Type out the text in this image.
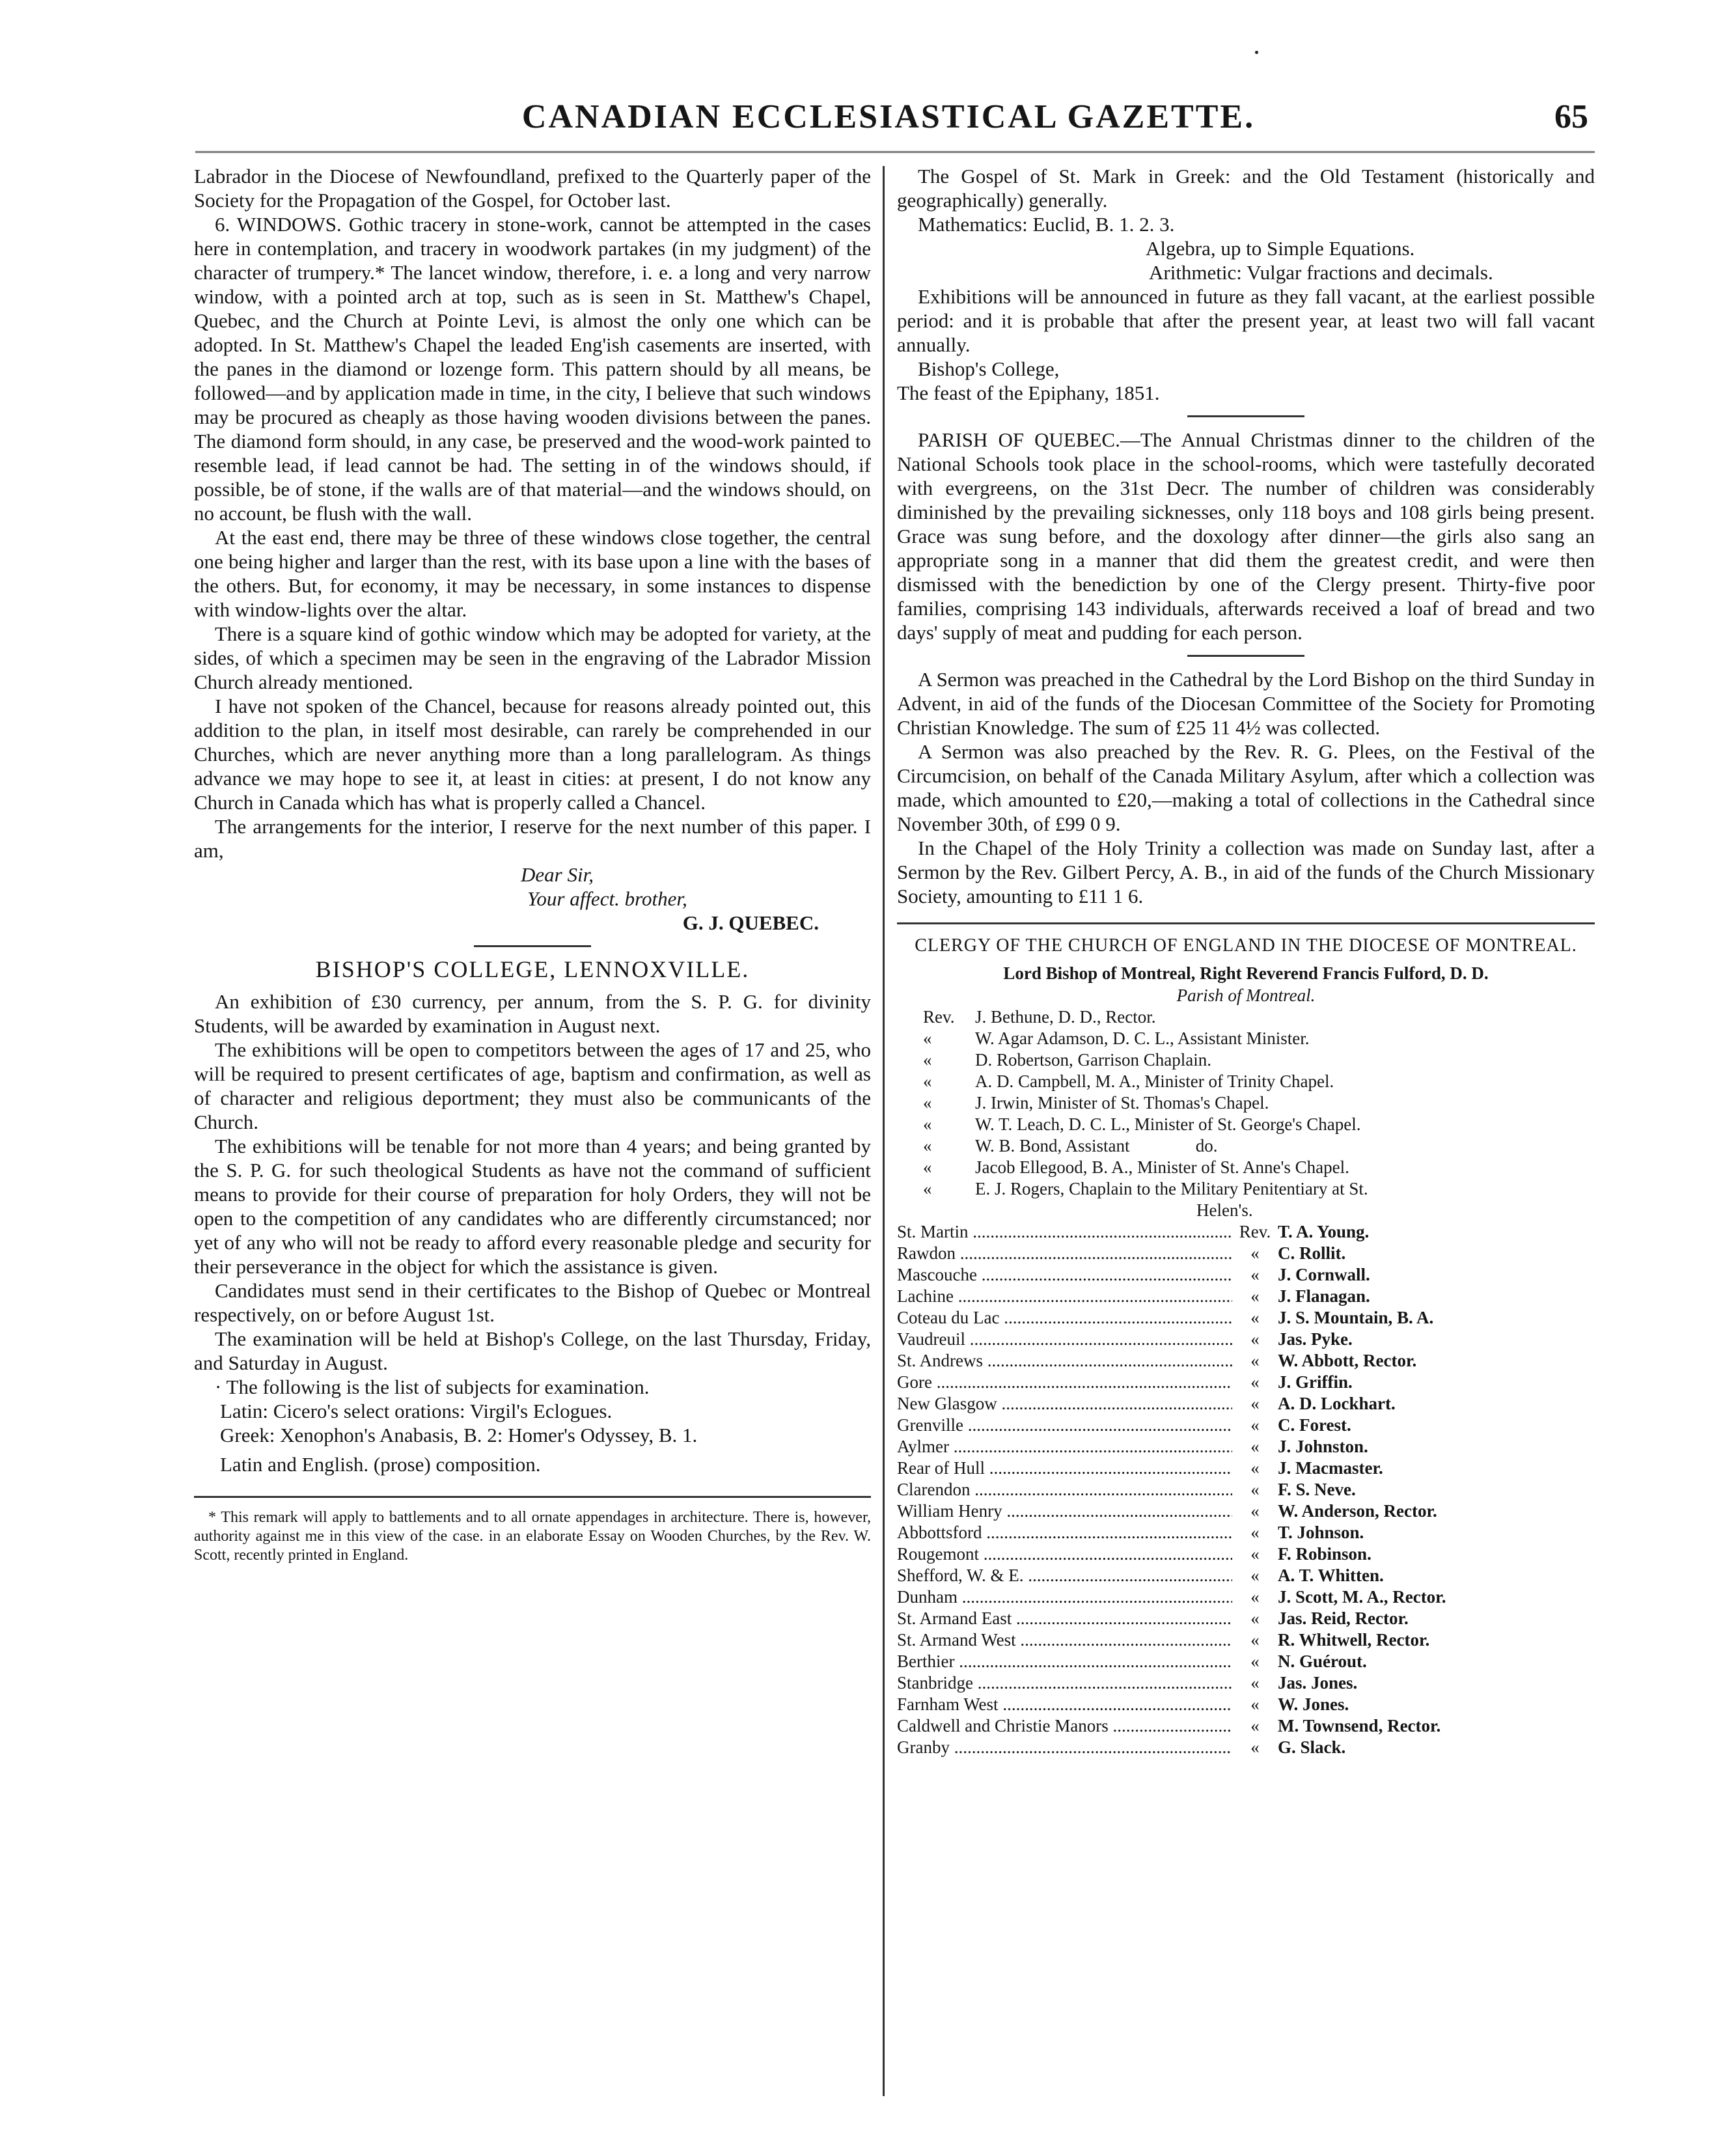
CANADIAN ECCLESIASTICAL GAZETTE.	65

Labrador in the Diocese of Newfoundland, prefixed to the Quarterly paper of the Society for the Propagation of the Gospel, for October last.

6. WINDOWS. Gothic tracery in stone-work, cannot be attempted in the cases here in contemplation, and tracery in woodwork partakes (in my judgment) of the character of trumpery.* The lancet window, therefore, i. e. a long and very narrow window, with a pointed arch at top, such as is seen in St. Matthew's Chapel, Quebec, and the Church at Pointe Levi, is almost the only one which can be adopted. In St. Matthew's Chapel the leaded Eng'ish casements are inserted, with the panes in the diamond or lozenge form. This pattern should by all means, be followed—and by application made in time, in the city, I believe that such windows may be procured as cheaply as those having wooden divisions between the panes. The diamond form should, in any case, be preserved and the wood-work painted to resemble lead, if lead cannot be had. The setting in of the windows should, if possible, be of stone, if the walls are of that material—and the windows should, on no account, be flush with the wall.

At the east end, there may be three of these windows close together, the central one being higher and larger than the rest, with its base upon a line with the bases of the others. But, for economy, it may be necessary, in some instances to dispense with window-lights over the altar.

There is a square kind of gothic window which may be adopted for variety, at the sides, of which a specimen may be seen in the engraving of the Labrador Mission Church already mentioned.

I have not spoken of the Chancel, because for reasons already pointed out, this addition to the plan, in itself most desirable, can rarely be comprehended in our Churches, which are never anything more than a long parallelogram. As things advance we may hope to see it, at least in cities: at present, I do not know any Church in Canada which has what is properly called a Chancel.

The arrangements for the interior, I reserve for the next number of this paper. I am,

Dear Sir,

Your affect. brother,

G. J. QUEBEC.

BISHOP'S COLLEGE, LENNOXVILLE.

An exhibition of £30 currency, per annum, from the S. P. G. for divinity Students, will be awarded by examination in August next.

The exhibitions will be open to competitors between the ages of 17 and 25, who will be required to present certificates of age, baptism and confirmation, as well as of character and religious deportment; they must also be communicants of the Church.

The exhibitions will be tenable for not more than 4 years; and being granted by the S. P. G. for such theological Students as have not the command of sufficient means to provide for their course of preparation for holy Orders, they will not be open to the competition of any candidates who are differently circumstanced; nor yet of any who will not be ready to afford every reasonable pledge and security for their perseverance in the object for which the assistance is given.

Candidates must send in their certificates to the Bishop of Quebec or Montreal respectively, on or before August 1st.

The examination will be held at Bishop's College, on the last Thursday, Friday, and Saturday in August.

· The following is the list of subjects for examination.

Latin: Cicero's select orations: Virgil's Eclogues.

Greek: Xenophon's Anabasis, B. 2: Homer's Odyssey, B. 1.

Latin and English. (prose) composition.

* This remark will apply to battlements and to all ornate appendages in architecture. There is, however, authority against me in this view of the case. in an elaborate Essay on Wooden Churches, by the Rev. W. Scott, recently printed in England.

The Gospel of St. Mark in Greek: and the Old Testament (historically and geographically) generally.

Mathematics: Euclid, B. 1. 2. 3.

Algebra, up to Simple Equations.

Arithmetic: Vulgar fractions and decimals.

Exhibitions will be announced in future as they fall vacant, at the earliest possible period: and it is probable that after the present year, at least two will fall vacant annually.

Bishop's College,

The feast of the Epiphany, 1851.

PARISH OF QUEBEC.—The Annual Christmas dinner to the children of the National Schools took place in the school-rooms, which were tastefully decorated with evergreens, on the 31st Decr. The number of children was considerably diminished by the prevailing sicknesses, only 118 boys and 108 girls being present. Grace was sung before, and the doxology after dinner—the girls also sang an appropriate song in a manner that did them the greatest credit, and were then dismissed with the benediction by one of the Clergy present. Thirty-five poor families, comprising 143 individuals, afterwards received a loaf of bread and two days' supply of meat and pudding for each person.

A Sermon was preached in the Cathedral by the Lord Bishop on the third Sunday in Advent, in aid of the funds of the Diocesan Committee of the Society for Promoting Christian Knowledge. The sum of £25 11 4½ was collected.

A Sermon was also preached by the Rev. R. G. Plees, on the Festival of the Circumcision, on behalf of the Canada Military Asylum, after which a collection was made, which amounted to £20,—making a total of collections in the Cathedral since November 30th, of £99 0 9.

In the Chapel of the Holy Trinity a collection was made on Sunday last, after a Sermon by the Rev. Gilbert Percy, A. B., in aid of the funds of the Church Missionary Society, amounting to £11 1 6.

CLERGY OF THE CHURCH OF ENGLAND IN THE DIOCESE OF MONTREAL.
Lord Bishop of Montreal, Right Reverend Francis Fulford, D. D.
Parish of Montreal.
Rev.	J. Bethune, D. D., Rector.
«	W. Agar Adamson, D. C. L., Assistant Minister.
«	D. Robertson, Garrison Chaplain.
«	A. D. Campbell, M. A., Minister of Trinity Chapel.
«	J. Irwin, Minister of St. Thomas's Chapel.
«	W. T. Leach, D. C. L., Minister of St. George's Chapel.
«	W. B. Bond, Assistant               do.
«	Jacob Ellegood, B. A., Minister of St. Anne's Chapel.
«	E. J. Rogers, Chaplain to the Military Penitentiary at St.
Helen's.
St. Martin .....	Rev. T. A. Young.
Rawdon .....	«	C. Rollit.
Mascouche .....	«	J. Cornwall.
Lachine .....	«	J. Flanagan.
Coteau du Lac .....	«	J. S. Mountain, B. A.
Vaudreuil .....	«	Jas. Pyke.
St. Andrews .....	«	W. Abbott, Rector.
Gore .....	«	J. Griffin.
New Glasgow .....	«	A. D. Lockhart.
Grenville .....	«	C. Forest.
Aylmer .....	«	J. Johnston.
Rear of Hull .....	«	J. Macmaster.
Clarendon .....	«	F. S. Neve.
William Henry .....	«	W. Anderson, Rector.
Abbottsford .....	«	T. Johnson.
Rougemont .....	«	F. Robinson.
Shefford, W. & E. .....	«	A. T. Whitten.
Dunham .....	«	J. Scott, M. A., Rector.
St. Armand East .....	«	Jas. Reid, Rector.
St. Armand West .....	«	R. Whitwell, Rector.
Berthier .....	«	N. Guérout.
Stanbridge .....	«	Jas. Jones.
Farnham West .....	«	W. Jones.
Caldwell and Christie Manors .....	«	M. Townsend, Rector.
Granby .....	«	G. Slack.
